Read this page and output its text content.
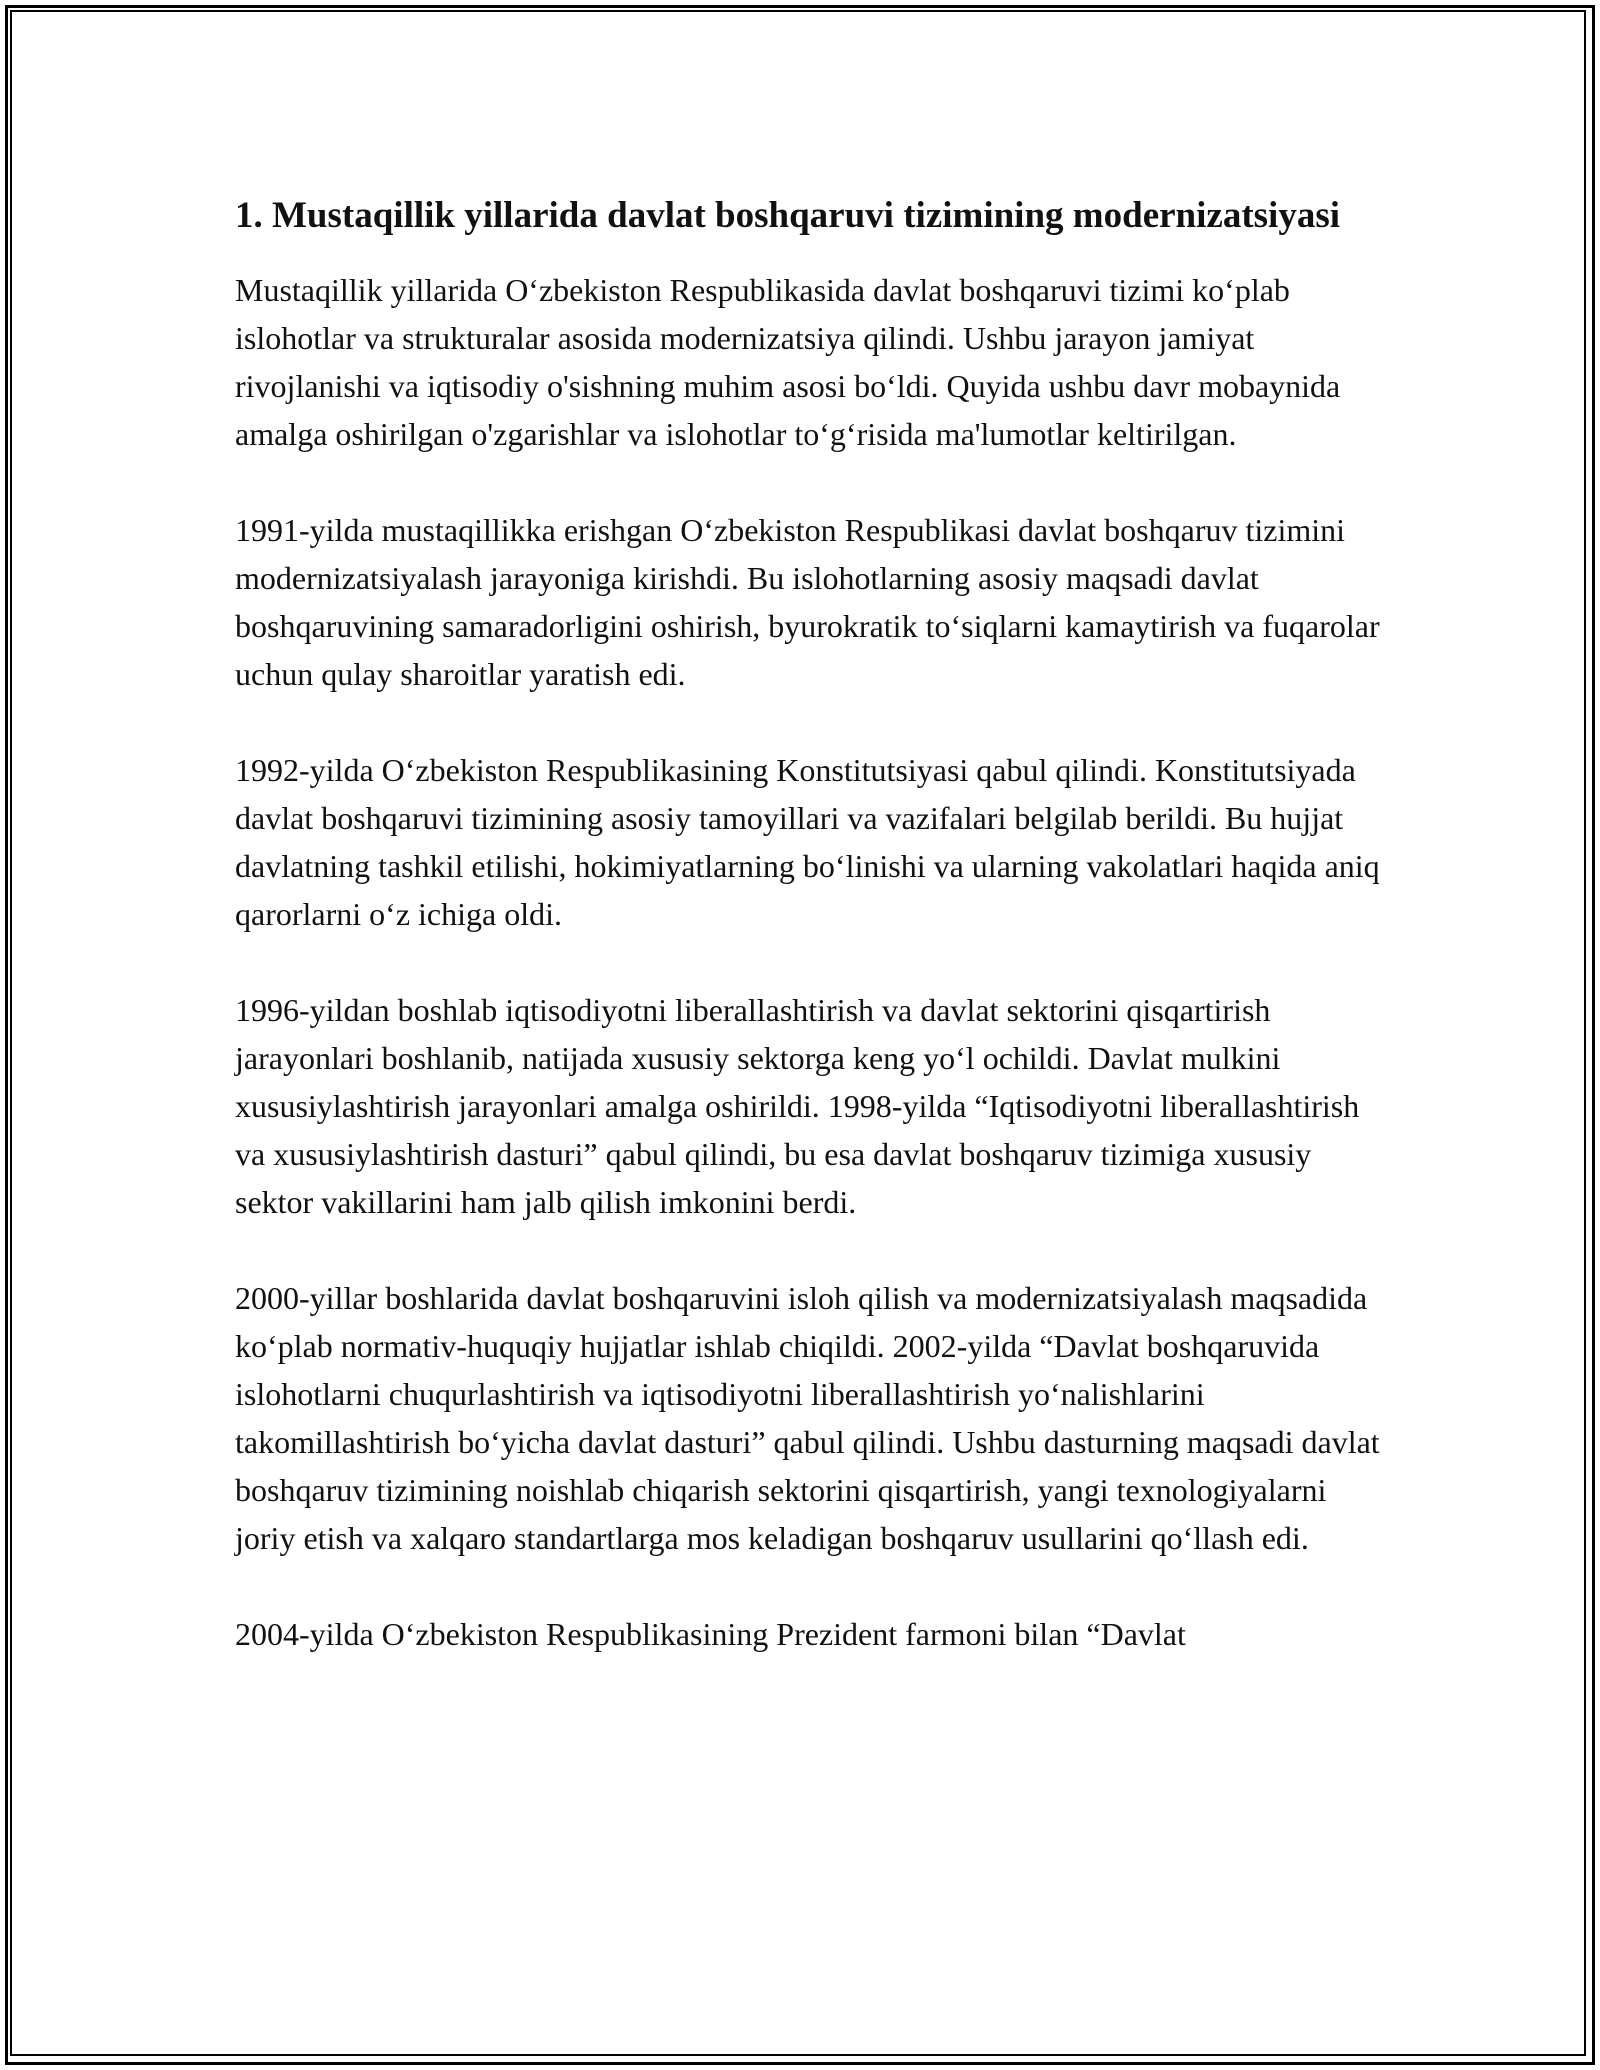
1. Mustaqillik yillarida davlat boshqaruvi tizimining modernizatsiyasi

Mustaqillik yillarida O‘zbekiston Respublikasida davlat boshqaruvi tizimi ko‘plab islohotlar va strukturalar asosida modernizatsiya qilindi. Ushbu jarayon jamiyat rivojlanishi va iqtisodiy o'sishning muhim asosi bo‘ldi. Quyida ushbu davr mobaynida amalga oshirilgan o'zgarishlar va islohotlar to‘g‘risida ma'lumotlar keltirilgan.

1991-yilda mustaqillikka erishgan O‘zbekiston Respublikasi davlat boshqaruv tizimini modernizatsiyalash jarayoniga kirishdi. Bu islohotlarning asosiy maqsadi davlat boshqaruvining samaradorligini oshirish, byurokratik to‘siqlarni kamaytirish va fuqarolar uchun qulay sharoitlar yaratish edi.

1992-yilda O‘zbekiston Respublikasining Konstitutsiyasi qabul qilindi. Konstitutsiyada davlat boshqaruvi tizimining asosiy tamoyillari va vazifalari belgilab berildi. Bu hujjat davlatning tashkil etilishi, hokimiyatlarning bo‘linishi va ularning vakolatlari haqida aniq qarorlarni o‘z ichiga oldi.

1996-yildan boshlab iqtisodiyotni liberallashtirish va davlat sektorini qisqartirish jarayonlari boshlanib, natijada xususiy sektorga keng yo‘l ochildi. Davlat mulkini xususiylashtirish jarayonlari amalga oshirildi. 1998-yilda “Iqtisodiyotni liberallashtirish va xususiylashtirish dasturi” qabul qilindi, bu esa davlat boshqaruv tizimiga xususiy sektor vakillarini ham jalb qilish imkonini berdi.

2000-yillar boshlarida davlat boshqaruvini isloh qilish va modernizatsiyalash maqsadida ko‘plab normativ-huquqiy hujjatlar ishlab chiqildi. 2002-yilda “Davlat boshqaruvida islohotlarni chuqurlashtirish va iqtisodiyotni liberallashtirish yo‘nalishlarini takomillashtirish bo‘yicha davlat dasturi” qabul qilindi. Ushbu dasturning maqsadi davlat boshqaruv tizimining noishlab chiqarish sektorini qisqartirish, yangi texnologiyalarni joriy etish va xalqaro standartlarga mos keladigan boshqaruv usullarini qo‘llash edi.

2004-yilda O‘zbekiston Respublikasining Prezident farmoni bilan “Davlat
